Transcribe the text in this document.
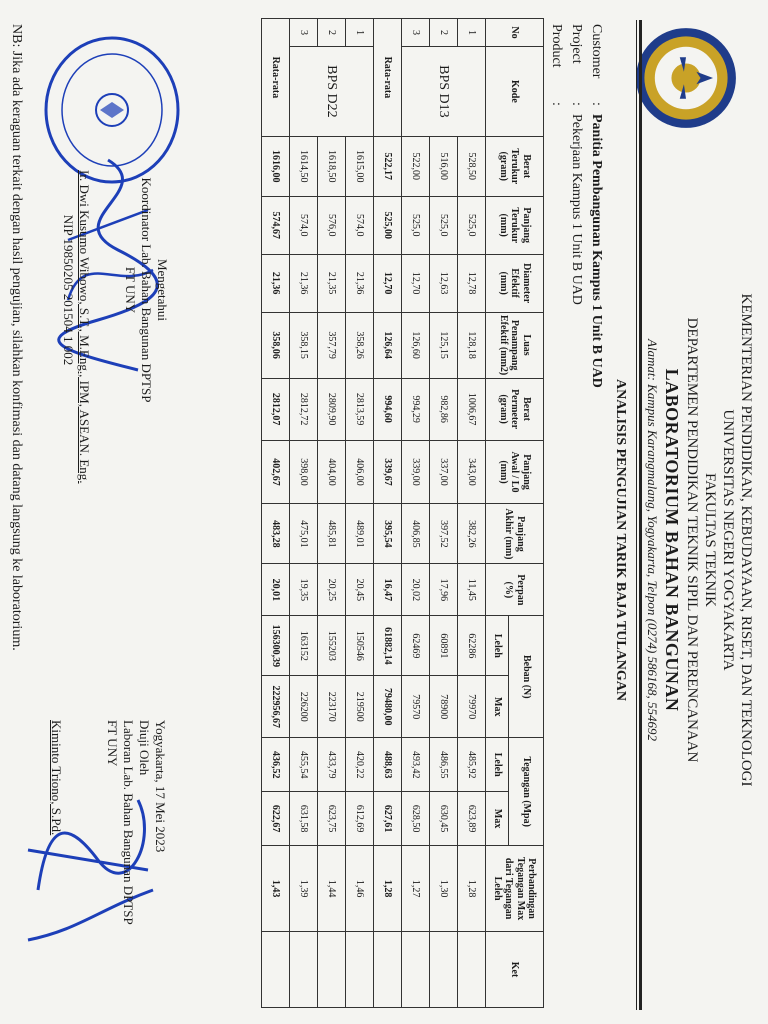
KEMENTERIAN PENDIDIKAN, KEBUDAYAAN, RISET, DAN TEKNOLOGI
UNIVERSITAS NEGERI YOGYAKARTA
FAKULTAS TEKNIK
DEPARTEMEN PENDIDIKAN TEKNIK SIPIL DAN PERENCANAAN
LABORATORIUM BAHAN BANGUNAN
Alamat: Kampus Karangmalang, Yogyakarta, Telpon (0274) 586168, 554692
ANALISIS PENGUJIAN TARIK BAJA TULANGAN
Customer:Panitia Pembangunan Kampus 1 Unit B UAD
Project:Pekerjaan Kampus 1 Unit B UAD
Product:
No	Kode	Berat Terukur (gram)	Panjang Terukur (mm)	Diameter Efektif (mm)	Luas Penampang Efektif (mm2)	Berat Permeter (gram)	Panjang Awal / L0 (mm)	Panjang Akhir (mm)	Perpan (%)	Beban (N)		Tegangan (Mpa)		Perbandingan Tegangan Max dari Tegangan Leleh	Ket
										Leleh	Max	Leleh	Max		
1	BPS D13	528,50	525,0	12,78	128,18	1006,67	343,00	382,26	11,45	62286	79970	485,92	623,89	1,28	
2		516,00	525,0	12,63	125,15	982,86	337,00	397,52	17,96	60891	78900	486,55	630,45	1,30	
3		522,00	525,0	12,70	126,60	994,29	339,00	406,85	20,02	62469	79570	493,42	628,50	1,27	
Rata-rata		522,17	525,00	12,70	126,64	994,60	339,67	395,54	16,47	61882,14	79480,00	488,63	627,61	1,28	
1	BPS D22	1615,00	574,0	21,36	358,26	2813,59	406,00	489,01	20,45	150546	219500	420,22	612,69	1,46	
2		1618,50	576,0	21,35	357,79	2809,90	404,00	485,81	20,25	155203	223170	433,79	623,75	1,44	
3		1614,50	574,0	21,36	358,15	2812,72	398,00	475,01	19,35	163152	226200	455,54	631,58	1,39	
Rata-rata		1616,00	574,67	21,36	358,06	2812,07	402,67	483,28	20,01	156300,39	222956,67	436,52	622,67	1,43	
Mengetahui
Koordinator Lab. Bahan Bangunan DPTSP
FT UNY
Ir. Dwi Kusumo Wibowo, S.T., M.Eng., IPM, ASEAN. Eng.
NIP 19850205 201504 1 002
Yogyakarta, 17 Mei 2023
Diuji Oleh
Laboran Lab. Bahan Bangunan DPTSP
FT UNY
Kiminto Triono, S.Pd.
NB: Jika ada keraguan terkait dengan hasil pengujian, silahkan konfimasi dan datang langsung ke laboratorium.
